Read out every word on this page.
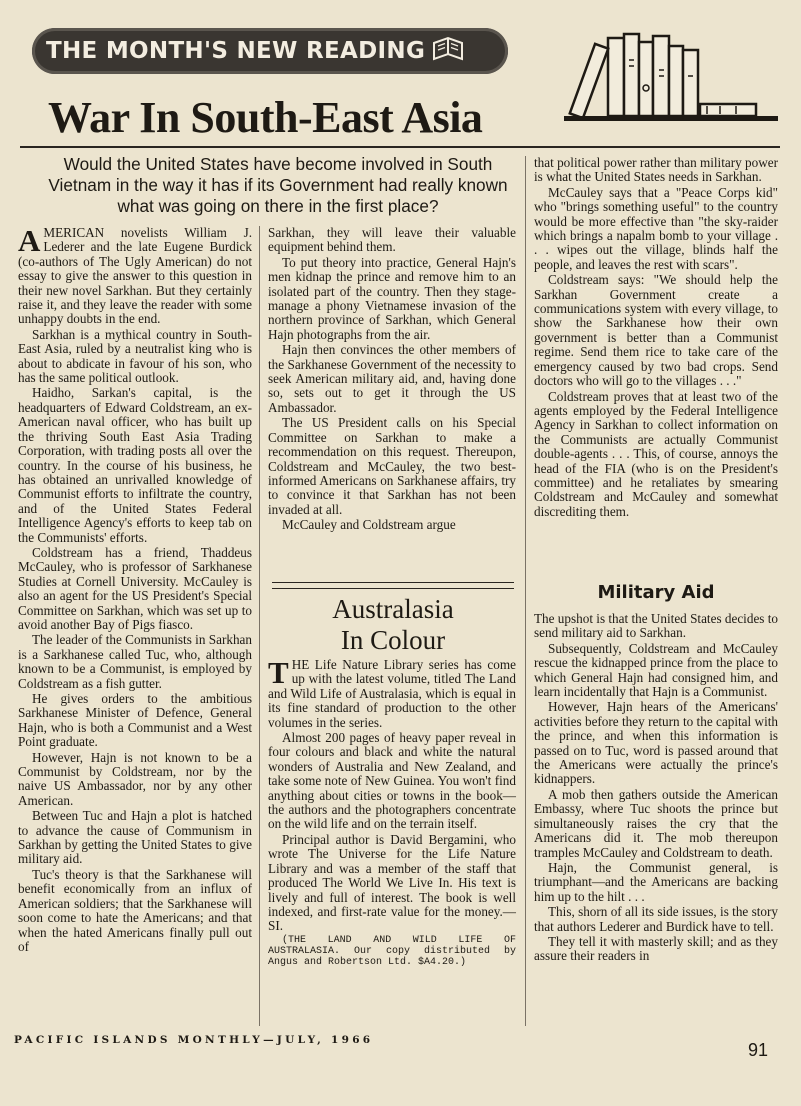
THE MONTH'S NEW READING
War In South-East Asia
Would the United States have become involved in South Vietnam in the way it has if its Government had really known what was going on there in the first place?
A MERICAN novelists William J. Lederer and the late Eugene Burdick (co-authors of The Ugly American) do not essay to give the answer to this question in their new novel Sarkhan. But they certainly raise it, and they leave the reader with some unhappy doubts in the end.

Sarkhan is a mythical country in South-East Asia, ruled by a neutralist king who is about to abdicate in favour of his son, who has the same political outlook.

Haidho, Sarkan's capital, is the headquarters of Edward Coldstream, an ex-American naval officer, who has built up the thriving South East Asia Trading Corporation, with trading posts all over the country. In the course of his business, he has obtained an unrivalled knowledge of Communist efforts to infiltrate the country, and of the United States Federal Intelligence Agency's efforts to keep tab on the Communists' efforts.

Coldstream has a friend, Thaddeus McCauley, who is professor of Sarkhanese Studies at Cornell University. McCauley is also an agent for the US President's Special Committee on Sarkhan, which was set up to avoid another Bay of Pigs fiasco.

The leader of the Communists in Sarkhan is a Sarkhanese called Tuc, who, although known to be a Communist, is employed by Coldstream as a fish gutter.

He gives orders to the ambitious Sarkhanese Minister of Defence, General Hajn, who is both a Communist and a West Point graduate.

However, Hajn is not known to be a Communist by Coldstream, nor by the naive US Ambassador, nor by any other American.

Between Tuc and Hajn a plot is hatched to advance the cause of Communism in Sarkhan by getting the United States to give military aid.

Tuc's theory is that the Sarkhanese will benefit economically from an influx of American soldiers; that the Sarkhanese will soon come to hate the Americans; and that when the hated Americans finally pull out of

Sarkhan, they will leave their valuable equipment behind them.

To put theory into practice, General Hajn's men kidnap the prince and remove him to an isolated part of the country. Then they stage-manage a phony Vietnamese invasion of the northern province of Sarkhan, which General Hajn photographs from the air.

Hajn then convinces the other members of the Sarkhanese Government of the necessity to seek American military aid, and, having done so, sets out to get it through the US Ambassador.

The US President calls on his Special Committee on Sarkhan to make a recommendation on this request. Thereupon, Coldstream and McCauley, the two best-informed Americans on Sarkhanese affairs, try to convince it that Sarkhan has not been invaded at all.

McCauley and Coldstream argue

Australasia
In Colour
T HE Life Nature Library series has come up with the latest volume, titled The Land and Wild Life of Australasia, which is equal in its fine standard of production to the other volumes in the series.

Almost 200 pages of heavy paper reveal in four colours and black and white the natural wonders of Australia and New Zealand, and take some note of New Guinea. You won't find anything about cities or towns in the book—the authors and the photographers concentrate on the wild life and on the terrain itself.

Principal author is David Bergamini, who wrote The Universe for the Life Nature Library and was a member of the staff that produced The World We Live In. His text is lively and full of interest. The book is well indexed, and first-rate value for the money.—SI.

(THE LAND AND WILD LIFE OF AUSTRALASIA. Our copy distributed by Angus and Robertson Ltd. $A4.20.)

that political power rather than military power is what the United States needs in Sarkhan.

McCauley says that a "Peace Corps kid" who "brings something useful" to the country would be more effective than "the sky-raider which brings a napalm bomb to your village . . . wipes out the village, blinds half the people, and leaves the rest with scars".

Coldstream says: "We should help the Sarkhan Government create a communications system with every village, to show the Sarkhanese how their own government is better than a Communist regime. Send them rice to take care of the emergency caused by two bad crops. Send doctors who will go to the villages . . ."

Coldstream proves that at least two of the agents employed by the Federal Intelligence Agency in Sarkhan to collect information on the Communists are actually Communist double-agents . . . This, of course, annoys the head of the FIA (who is on the President's committee) and he retaliates by smearing Coldstream and McCauley and somewhat discrediting them.

Military Aid

The upshot is that the United States decides to send military aid to Sarkhan.

Subsequently, Coldstream and McCauley rescue the kidnapped prince from the place to which General Hajn had consigned him, and learn incidentally that Hajn is a Communist.

However, Hajn hears of the Americans' activities before they return to the capital with the prince, and when this information is passed on to Tuc, word is passed around that the Americans were actually the prince's kidnappers.

A mob then gathers outside the American Embassy, where Tuc shoots the prince but simultaneously raises the cry that the Americans did it. The mob thereupon tramples McCauley and Coldstream to death.

Hajn, the Communist general, is triumphant—and the Americans are backing him up to the hilt . . .

This, shorn of all its side issues, is the story that authors Lederer and Burdick have to tell.

They tell it with masterly skill; and as they assure their readers in

PACIFIC ISLANDS MONTHLY—JULY, 1966	91
